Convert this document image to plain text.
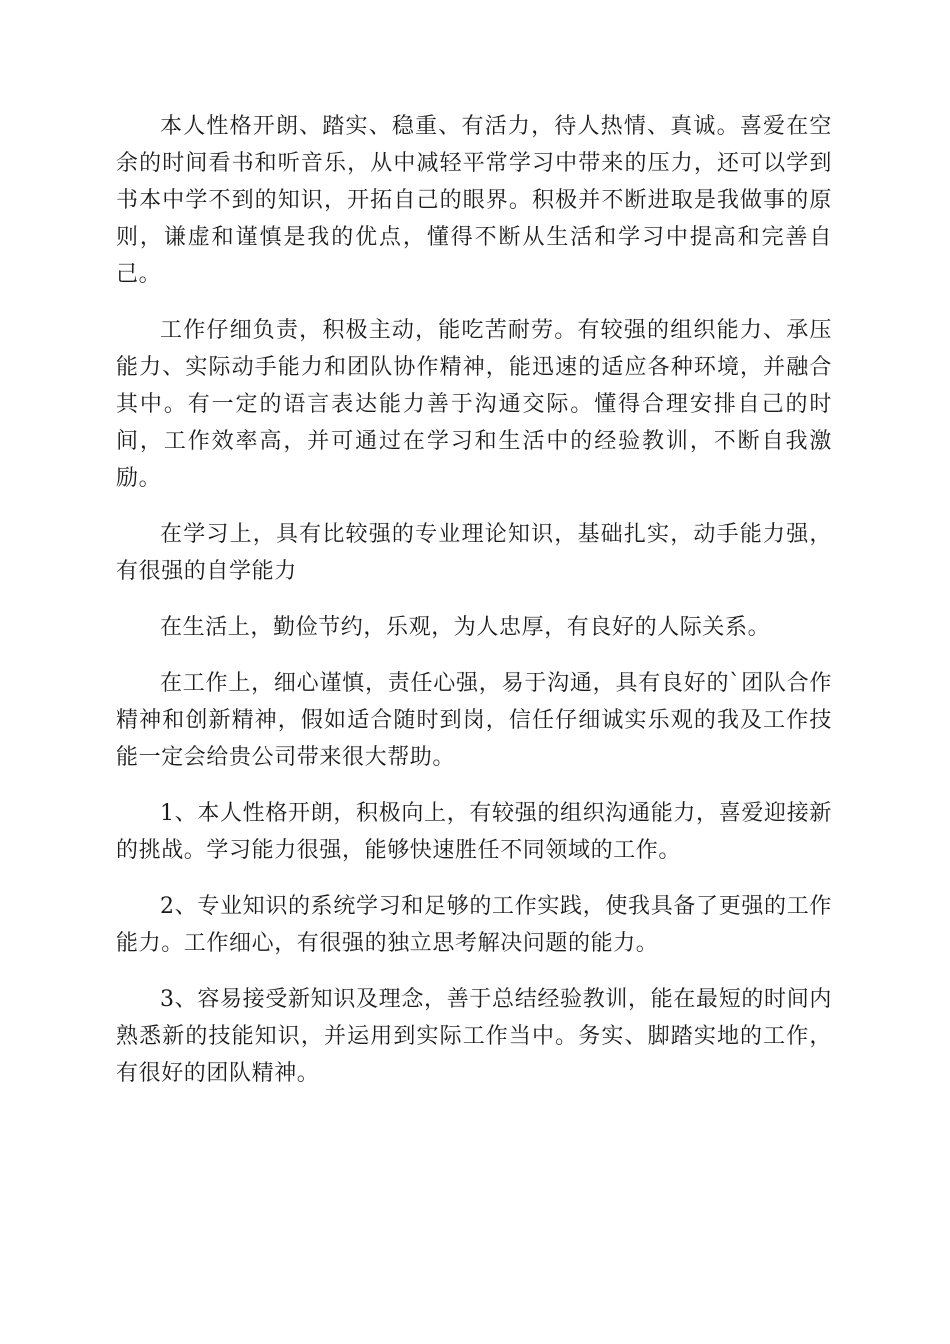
本人性格开朗、踏实、稳重、有活力，待人热情、真诚。喜爱在空余的时间看书和听音乐，从中减轻平常学习中带来的压力，还可以学到书本中学不到的知识，开拓自己的眼界。积极并不断进取是我做事的原则，谦虚和谨慎是我的优点，懂得不断从生活和学习中提高和完善自己。

工作仔细负责，积极主动，能吃苦耐劳。有较强的组织能力、承压能力、实际动手能力和团队协作精神，能迅速的适应各种环境，并融合其中。有一定的语言表达能力善于沟通交际。懂得合理安排自己的时间，工作效率高，并可通过在学习和生活中的经验教训，不断自我激励。

在学习上，具有比较强的专业理论知识，基础扎实，动手能力强，有很强的自学能力

在生活上，勤俭节约，乐观，为人忠厚，有良好的人际关系。

在工作上，细心谨慎，责任心强，易于沟通，具有良好的`团队合作精神和创新精神，假如适合随时到岗，信任仔细诚实乐观的我及工作技能一定会给贵公司带来很大帮助。

1、本人性格开朗，积极向上，有较强的组织沟通能力，喜爱迎接新的挑战。学习能力很强，能够快速胜任不同领域的工作。

2、专业知识的系统学习和足够的工作实践，使我具备了更强的工作能力。工作细心，有很强的独立思考解决问题的能力。

3、容易接受新知识及理念，善于总结经验教训，能在最短的时间内熟悉新的技能知识，并运用到实际工作当中。务实、脚踏实地的工作，有很好的团队精神。
